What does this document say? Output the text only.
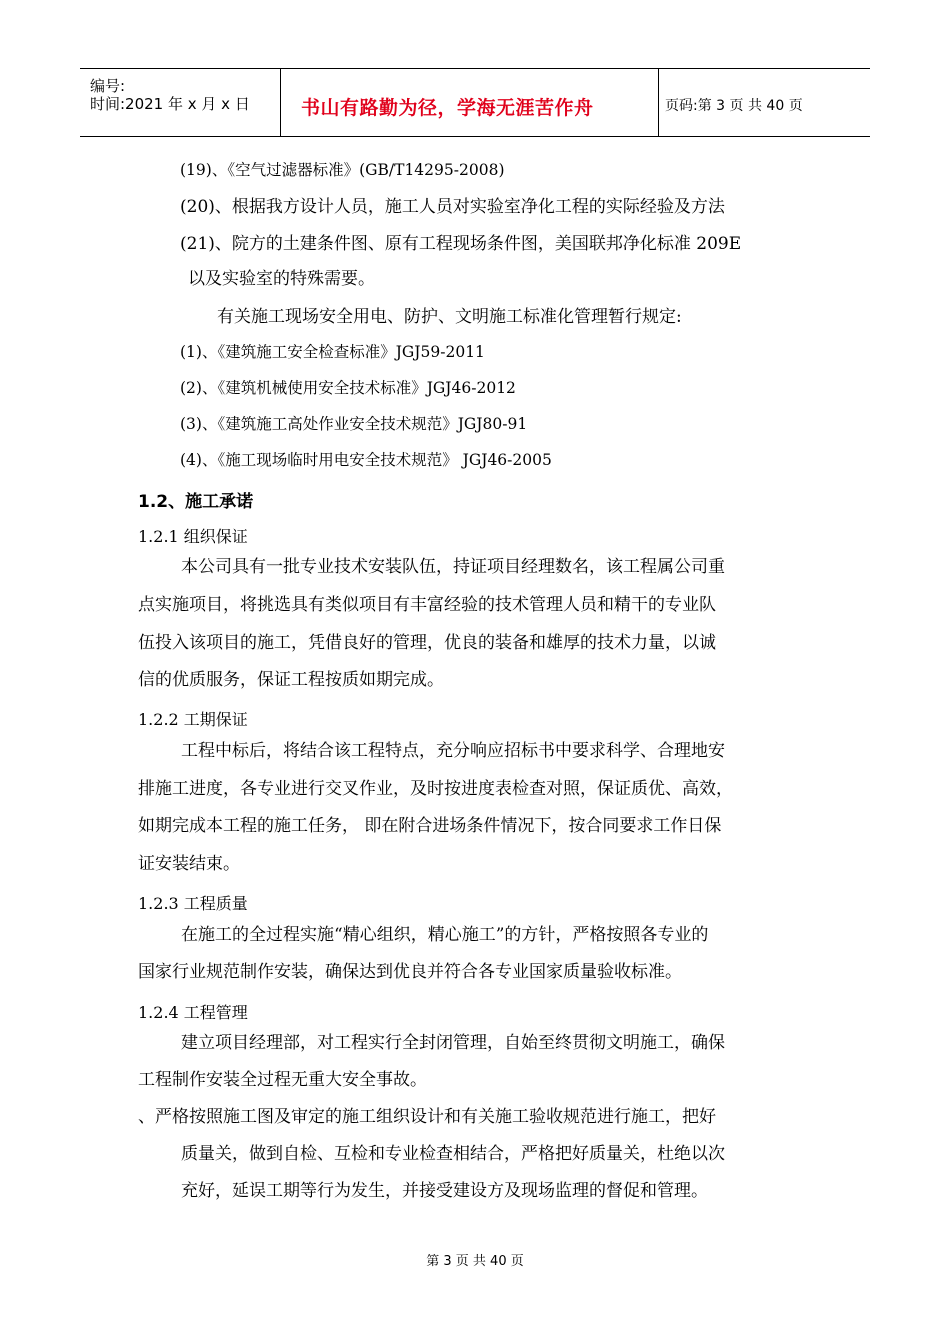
编号:
时间:2021 年 x 月 x 日	书山有路勤为径，学海无涯苦作舟	页码:第 3 页 共 40 页
(19)、《空气过滤器标准》(GB/T14295-2008)
(20)、根据我方设计人员，施工人员对实验室净化工程的实际经验及方法
(21)、院方的土建条件图、原有工程现场条件图，美国联邦净化标准 209E
以及实验室的特殊需要。
有关施工现场安全用电、防护、文明施工标准化管理暂行规定:
(1)、《建筑施工安全检查标准》JGJ59-2011
(2)、《建筑机械使用安全技术标准》JGJ46-2012
(3)、《建筑施工高处作业安全技术规范》JGJ80-91
(4)、《施工现场临时用电安全技术规范》 JGJ46-2005
1.2、施工承诺
1.2.1 组织保证
本公司具有一批专业技术安装队伍，持证项目经理数名，该工程属公司重
点实施项目，将挑选具有类似项目有丰富经验的技术管理人员和精干的专业队
伍投入该项目的施工，凭借良好的管理，优良的装备和雄厚的技术力量，以诚
信的优质服务，保证工程按质如期完成。
1.2.2 工期保证
工程中标后，将结合该工程特点，充分响应招标书中要求科学、合理地安
排施工进度，各专业进行交叉作业，及时按进度表检查对照，保证质优、高效，
如期完成本工程的施工任务， 即在附合进场条件情况下，按合同要求工作日保
证安装结束。
1.2.3 工程质量
在施工的全过程实施“精心组织，精心施工”的方针，严格按照各专业的
国家行业规范制作安装，确保达到优良并符合各专业国家质量验收标准。
1.2.4 工程管理
建立项目经理部，对工程实行全封闭管理，自始至终贯彻文明施工，确保
工程制作安装全过程无重大安全事故。
、严格按照施工图及审定的施工组织设计和有关施工验收规范进行施工，把好
质量关，做到自检、互检和专业检查相结合，严格把好质量关，杜绝以次
充好，延误工期等行为发生，并接受建设方及现场监理的督促和管理。
第 3 页 共 40 页
